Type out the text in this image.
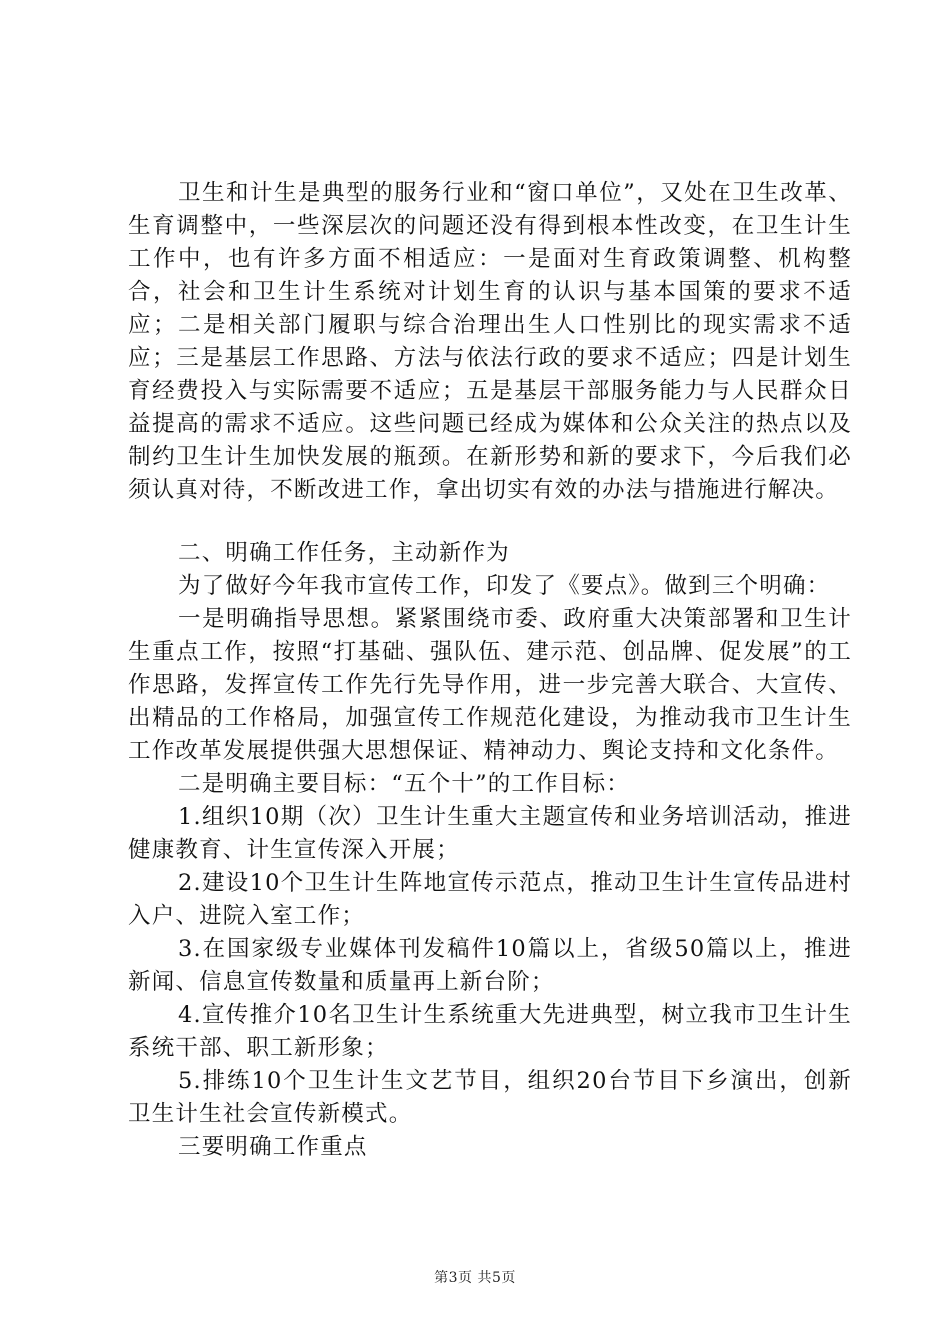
卫生和计生是典型的服务行业和“窗口单位”，又处在卫生改革、生育调整中，一些深层次的问题还没有得到根本性改变，在卫生计生工作中，也有许多方面不相适应：一是面对生育政策调整、机构整合，社会和卫生计生系统对计划生育的认识与基本国策的要求不适应；二是相关部门履职与综合治理出生人口性别比的现实需求不适应；三是基层工作思路、方法与依法行政的要求不适应；四是计划生育经费投入与实际需要不适应；五是基层干部服务能力与人民群众日益提高的需求不适应。这些问题已经成为媒体和公众关注的热点以及制约卫生计生加快发展的瓶颈。在新形势和新的要求下，今后我们必须认真对待，不断改进工作，拿出切实有效的办法与措施进行解决。

二、明确工作任务，主动新作为

为了做好今年我市宣传工作，印发了《要点》。做到三个明确：

一是明确指导思想。紧紧围绕市委、政府重大决策部署和卫生计生重点工作，按照“打基础、强队伍、建示范、创品牌、促发展”的工作思路，发挥宣传工作先行先导作用，进一步完善大联合、大宣传、出精品的工作格局，加强宣传工作规范化建设，为推动我市卫生计生工作改革发展提供强大思想保证、精神动力、舆论支持和文化条件。

二是明确主要目标：“五个十”的工作目标：

1.组织10期（次）卫生计生重大主题宣传和业务培训活动，推进健康教育、计生宣传深入开展；

2.建设10个卫生计生阵地宣传示范点，推动卫生计生宣传品进村入户、进院入室工作；

3.在国家级专业媒体刊发稿件10篇以上，省级50篇以上，推进新闻、信息宣传数量和质量再上新台阶；

4.宣传推介10名卫生计生系统重大先进典型，树立我市卫生计生系统干部、职工新形象；

5.排练10个卫生计生文艺节目，组织20台节目下乡演出，创新卫生计生社会宣传新模式。

三要明确工作重点

第3页 共5页
